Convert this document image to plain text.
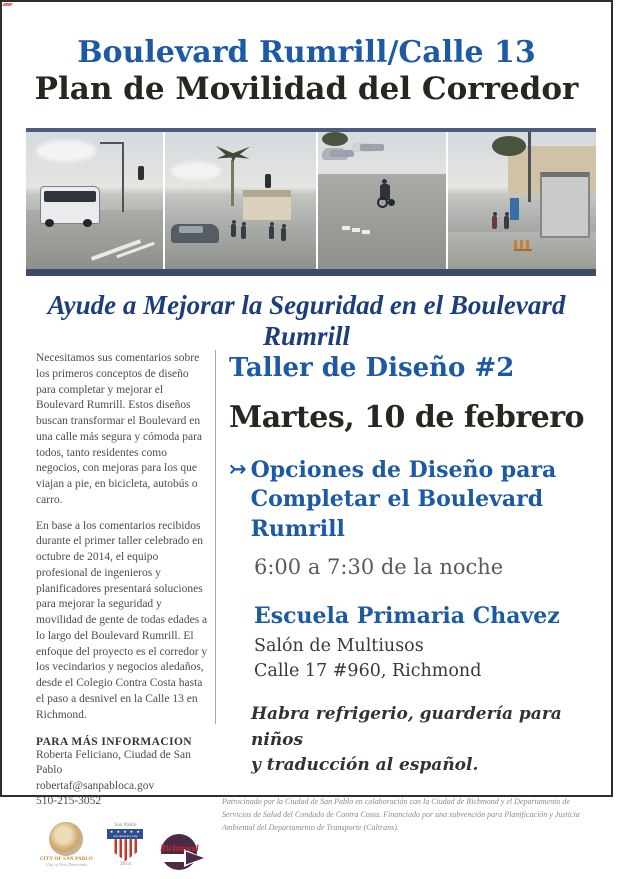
Boulevard Rumrill/Calle 13
Plan de Movilidad del Corredor
Ayude a Mejorar la Seguridad en el Boulevard Rumrill

Necesitamos sus comentarios sobre los primeros conceptos de diseño para completar y mejorar el Boulevard Rumrill. Estos diseños buscan transformar el Boulevard en una calle más segura y cómoda para todos, tanto residentes como negocios, con mejoras para los que viajan a pie, en bicicleta, autobús o carro.

En base a los comentarios recibidos durante el primer taller celebrado en octubre de 2014, el equipo profesional de ingenieros y planificadores presentará soluciones para mejorar la seguridad y movilidad de gente de todas edades a lo largo del Boulevard Rumrill. El enfoque del proyecto es el corredor y los vecindarios y negocios aledaños, desde el Colegio Contra Costa hasta el paso a desnivel en la Calle 13 en Richmond.

PARA MÁS INFORMACION
Roberta Feliciano, Ciudad de San Pablo
robertaf@sanpabloca.gov
510-215-3052
CITY OF SAN PABLO
City of New Directions
San Pablo
★ ★ ★ ★ ★
All-America City
2014
Richmond
Taller de Diseño #2
Martes, 10 de febrero
↣ Opciones de Diseño para
Completar el Boulevard Rumrill
6:00 a 7:30 de la noche
Escuela Primaria Chavez
Salón de Multiusos
Calle 17 #960, Richmond
Habra refrigerio, guardería para niños
y traducción al español.

Patrocinado por la Ciudad de San Pablo en colaboración con la Ciudad de Richmond y el Departamento de Servicios de Salud del Condado de Contra Costa. Financiado por una subvención para Planificación y Justicia Ambiental del Departamento de Transporte (Caltrans).
